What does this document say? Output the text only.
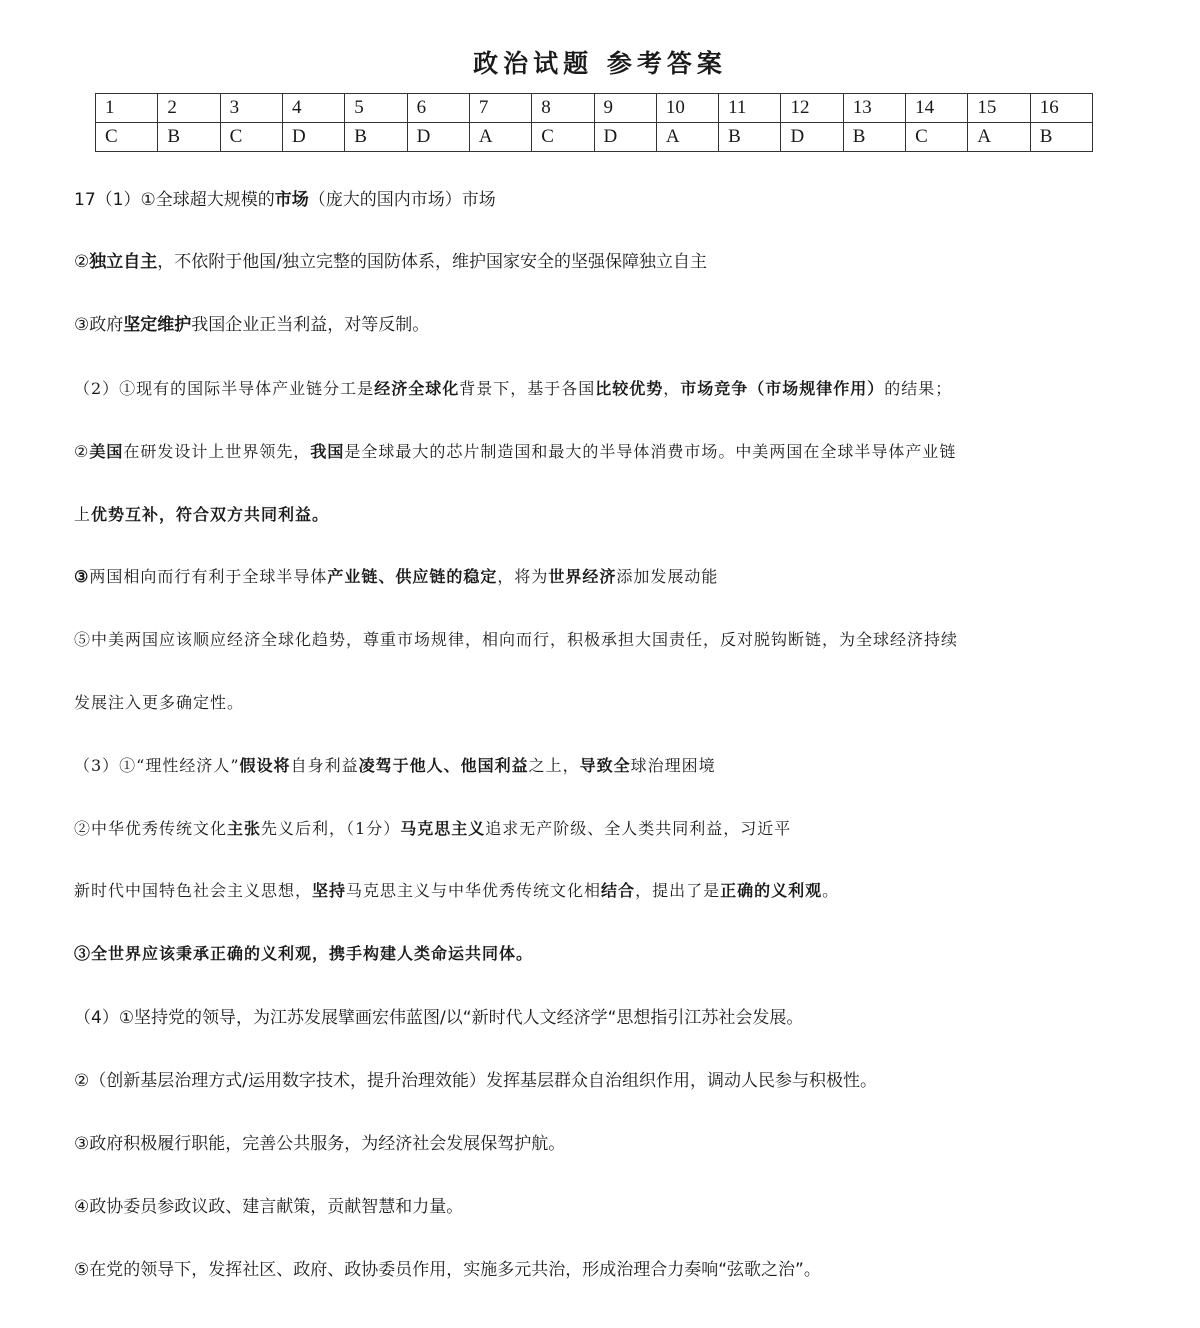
政治试题 参考答案
1	2	3	4	5	6	7	8	9	10	11	12	13	14	15	16
C	B	C	D	B	D	A	C	D	A	B	D	B	C	A	B
17（1）①全球超大规模的市场（庞大的国内市场）市场
②独立自主，不依附于他国/独立完整的国防体系，维护国家安全的坚强保障独立自主
③政府坚定维护我国企业正当利益，对等反制。
（2）①现有的国际半导体产业链分工是经济全球化背景下，基于各国比较优势，市场竞争（市场规律作用）的结果；
②美国在研发设计上世界领先，我国是全球最大的芯片制造国和最大的半导体消费市场。中美两国在全球半导体产业链
上优势互补，符合双方共同利益。
③两国相向而行有利于全球半导体产业链、供应链的稳定，将为世界经济添加发展动能
⑤中美两国应该顺应经济全球化趋势，尊重市场规律，相向而行，积极承担大国责任，反对脱钩断链，为全球经济持续
发展注入更多确定性。
（3）①“理性经济人”假设将自身利益凌驾于他人、他国利益之上，导致全球治理困境
②中华优秀传统文化主张先义后利，（1分）马克思主义追求无产阶级、全人类共同利益，习近平
新时代中国特色社会主义思想，坚持马克思主义与中华优秀传统文化相结合，提出了是正确的义利观。
③全世界应该秉承正确的义利观，携手构建人类命运共同体。
（4）①坚持党的领导，为江苏发展擘画宏伟蓝图/以“新时代人文经济学“思想指引江苏社会发展。
②（创新基层治理方式/运用数字技术，提升治理效能）发挥基层群众自治组织作用，调动人民参与积极性。
③政府积极履行职能，完善公共服务，为经济社会发展保驾护航。
④政协委员参政议政、建言献策，贡献智慧和力量。
⑤在党的领导下，发挥社区、政府、政协委员作用，实施多元共治，形成治理合力奏响“弦歌之治”。
